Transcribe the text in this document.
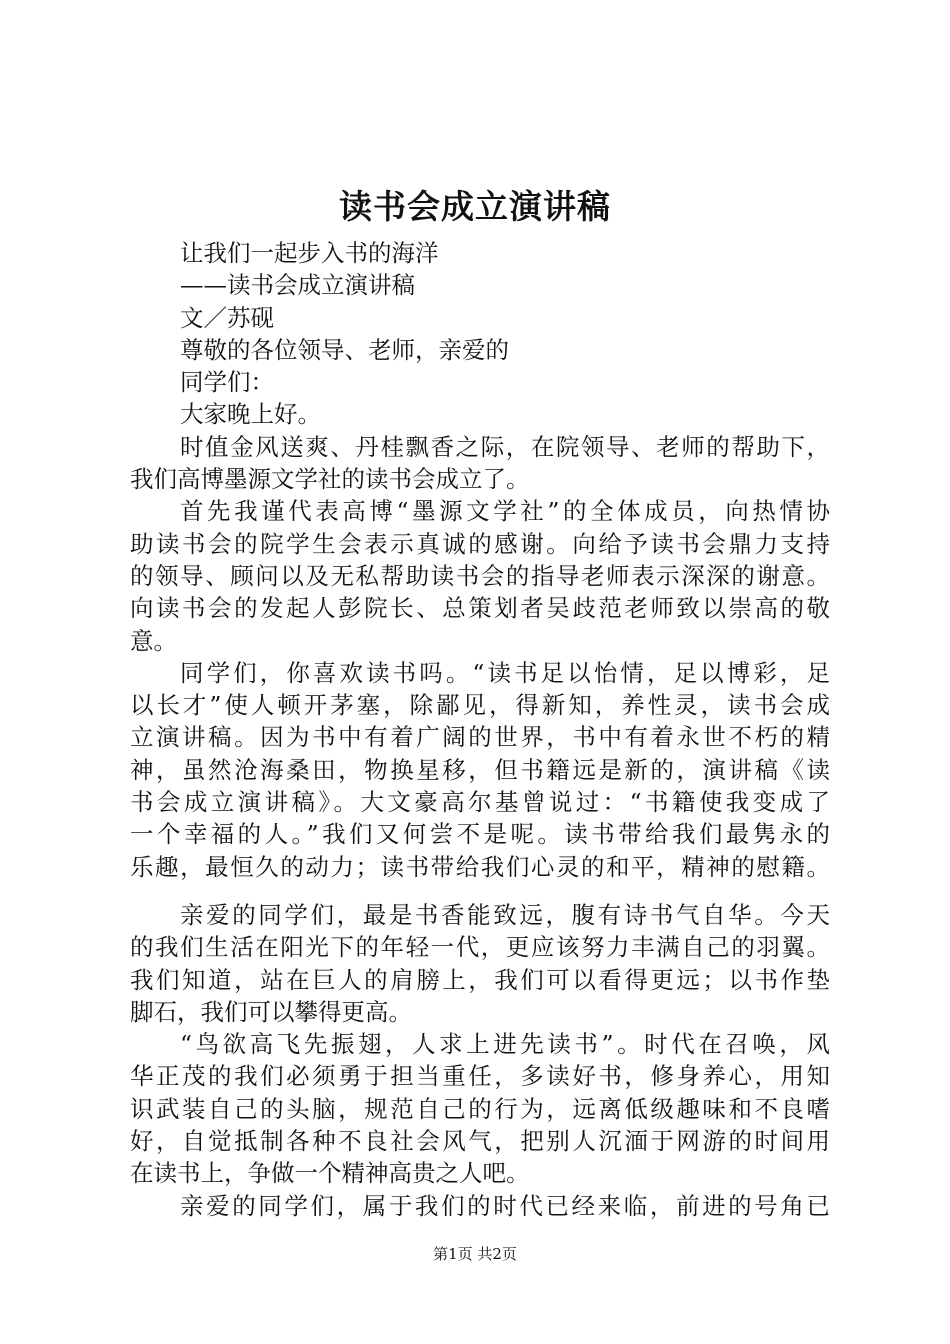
读书会成立演讲稿
让我们一起步入书的海洋
——读书会成立演讲稿
文／苏砚
尊敬的各位领导、老师，亲爱的
同学们：
大家晚上好。
时值金风送爽、丹桂飘香之际，在院领导、老师的帮助下，
我们高博墨源文学社的读书会成立了。
首先我谨代表高博“墨源文学社”的全体成员，向热情协
助读书会的院学生会表示真诚的感谢。向给予读书会鼎力支持
的领导、顾问以及无私帮助读书会的指导老师表示深深的谢意。
向读书会的发起人彭院长、总策划者吴歧范老师致以崇高的敬
意。
同学们，你喜欢读书吗。“读书足以怡情，足以博彩，足
以长才”使人顿开茅塞，除鄙见，得新知，养性灵，读书会成
立演讲稿。因为书中有着广阔的世界，书中有着永世不朽的精
神，虽然沧海桑田，物换星移，但书籍远是新的，演讲稿《读
书会成立演讲稿》。大文豪高尔基曾说过：“书籍使我变成了
一个幸福的人。”我们又何尝不是呢。读书带给我们最隽永的
乐趣，最恒久的动力；读书带给我们心灵的和平，精神的慰籍。
亲爱的同学们，最是书香能致远，腹有诗书气自华。今天
的我们生活在阳光下的年轻一代，更应该努力丰满自己的羽翼。
我们知道，站在巨人的肩膀上，我们可以看得更远；以书作垫
脚石，我们可以攀得更高。
“鸟欲高飞先振翅，人求上进先读书”。时代在召唤，风
华正茂的我们必须勇于担当重任，多读好书，修身养心，用知
识武装自己的头脑，规范自己的行为，远离低级趣味和不良嗜
好，自觉抵制各种不良社会风气，把别人沉湎于网游的时间用
在读书上，争做一个精神高贵之人吧。
亲爱的同学们，属于我们的时代已经来临，前进的号角已
第1页 共2页
